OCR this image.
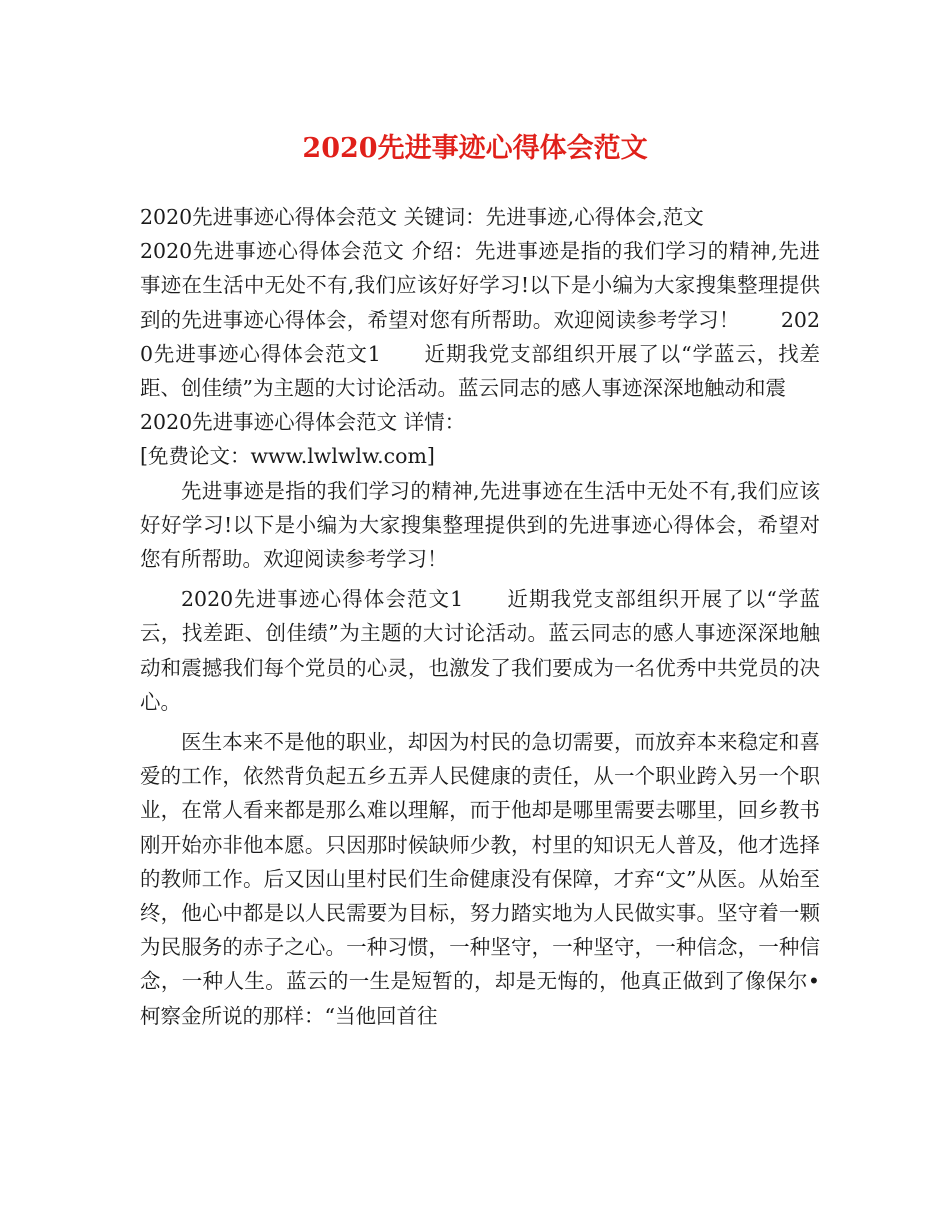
2020先进事迹心得体会范文

2020先进事迹心得体会范文 关键词：先进事迹,心得体会,范文

2020先进事迹心得体会范文 介绍：先进事迹是指的我们学习的精神,先进事迹在生活中无处不有,我们应该好好学习!以下是小编为大家搜集整理提供到的先进事迹心得体会，希望对您有所帮助。欢迎阅读参考学习！　　2020先进事迹心得体会范文1　　近期我党支部组织开展了以“学蓝云，找差距、创佳绩”为主题的大讨论活动。蓝云同志的感人事迹深深地触动和震

2020先进事迹心得体会范文 详情：

[免费论文：www.lwlwlw.com]

先进事迹是指的我们学习的精神,先进事迹在生活中无处不有,我们应该好好学习!以下是小编为大家搜集整理提供到的先进事迹心得体会，希望对您有所帮助。欢迎阅读参考学习！

2020先进事迹心得体会范文1　　近期我党支部组织开展了以“学蓝云，找差距、创佳绩”为主题的大讨论活动。蓝云同志的感人事迹深深地触动和震撼我们每个党员的心灵，也激发了我们要成为一名优秀中共党员的决心。

医生本来不是他的职业，却因为村民的急切需要，而放弃本来稳定和喜爱的工作，依然背负起五乡五弄人民健康的责任，从一个职业跨入另一个职业，在常人看来都是那么难以理解，而于他却是哪里需要去哪里，回乡教书刚开始亦非他本愿。只因那时候缺师少教，村里的知识无人普及，他才选择的教师工作。后又因山里村民们生命健康没有保障，才弃“文”从医。从始至终，他心中都是以人民需要为目标，努力踏实地为人民做实事。坚守着一颗为民服务的赤子之心。一种习惯，一种坚守，一种坚守，一种信念，一种信念，一种人生。蓝云的一生是短暂的，却是无悔的，他真正做到了像保尔•柯察金所说的那样：“当他回首往
